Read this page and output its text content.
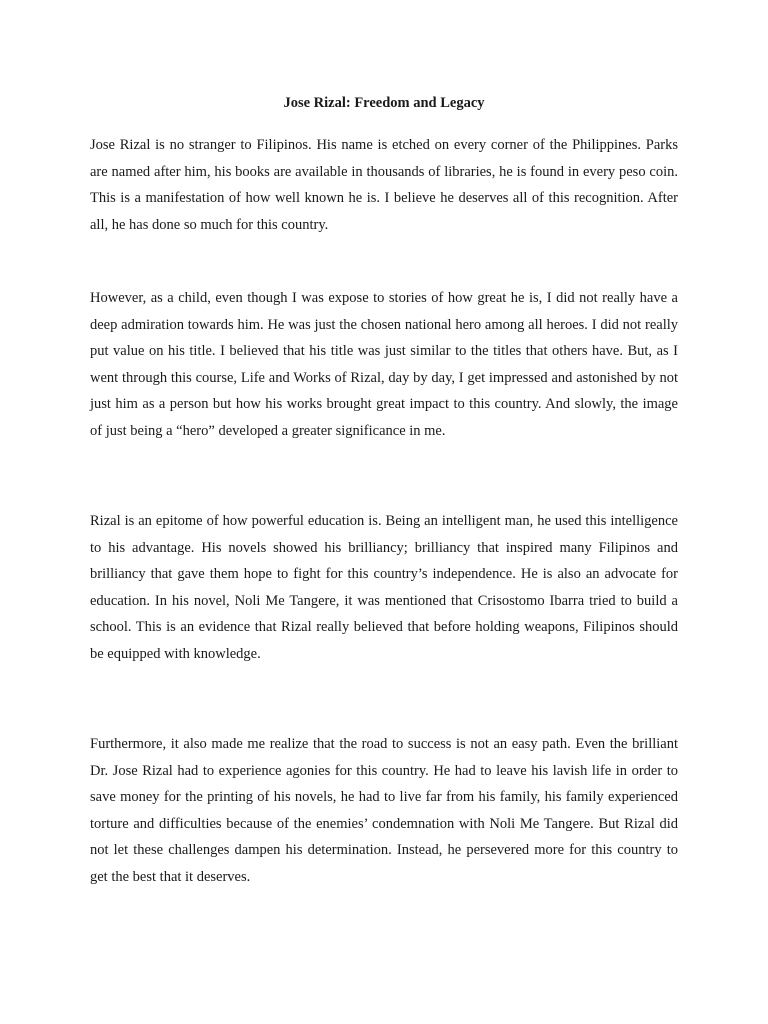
Jose Rizal: Freedom and Legacy

Jose Rizal is no stranger to Filipinos. His name is etched on every corner of the Philippines. Parks are named after him, his books are available in thousands of libraries, he is found in every peso coin. This is a manifestation of how well known he is. I believe he deserves all of this recognition. After all, he has done so much for this country.

However, as a child, even though I was expose to stories of how great he is, I did not really have a deep admiration towards him. He was just the chosen national hero among all heroes. I did not really put value on his title. I believed that his title was just similar to the titles that others have. But, as I went through this course, Life and Works of Rizal, day by day, I get impressed and astonished by not just him as a person but how his works brought great impact to this country. And slowly, the image of just being a “hero” developed a greater significance in me.

Rizal is an epitome of how powerful education is. Being an intelligent man, he used this intelligence to his advantage. His novels showed his brilliancy; brilliancy that inspired many Filipinos and brilliancy that gave them hope to fight for this country’s independence. He is also an advocate for education. In his novel, Noli Me Tangere, it was mentioned that Crisostomo Ibarra tried to build a school. This is an evidence that Rizal really believed that before holding weapons, Filipinos should be equipped with knowledge.

Furthermore, it also made me realize that the road to success is not an easy path. Even the brilliant Dr. Jose Rizal had to experience agonies for this country. He had to leave his lavish life in order to save money for the printing of his novels, he had to live far from his family, his family experienced torture and difficulties because of the enemies’ condemnation with Noli Me Tangere. But Rizal did not let these challenges dampen his determination. Instead, he persevered more for this country to get the best that it deserves.
